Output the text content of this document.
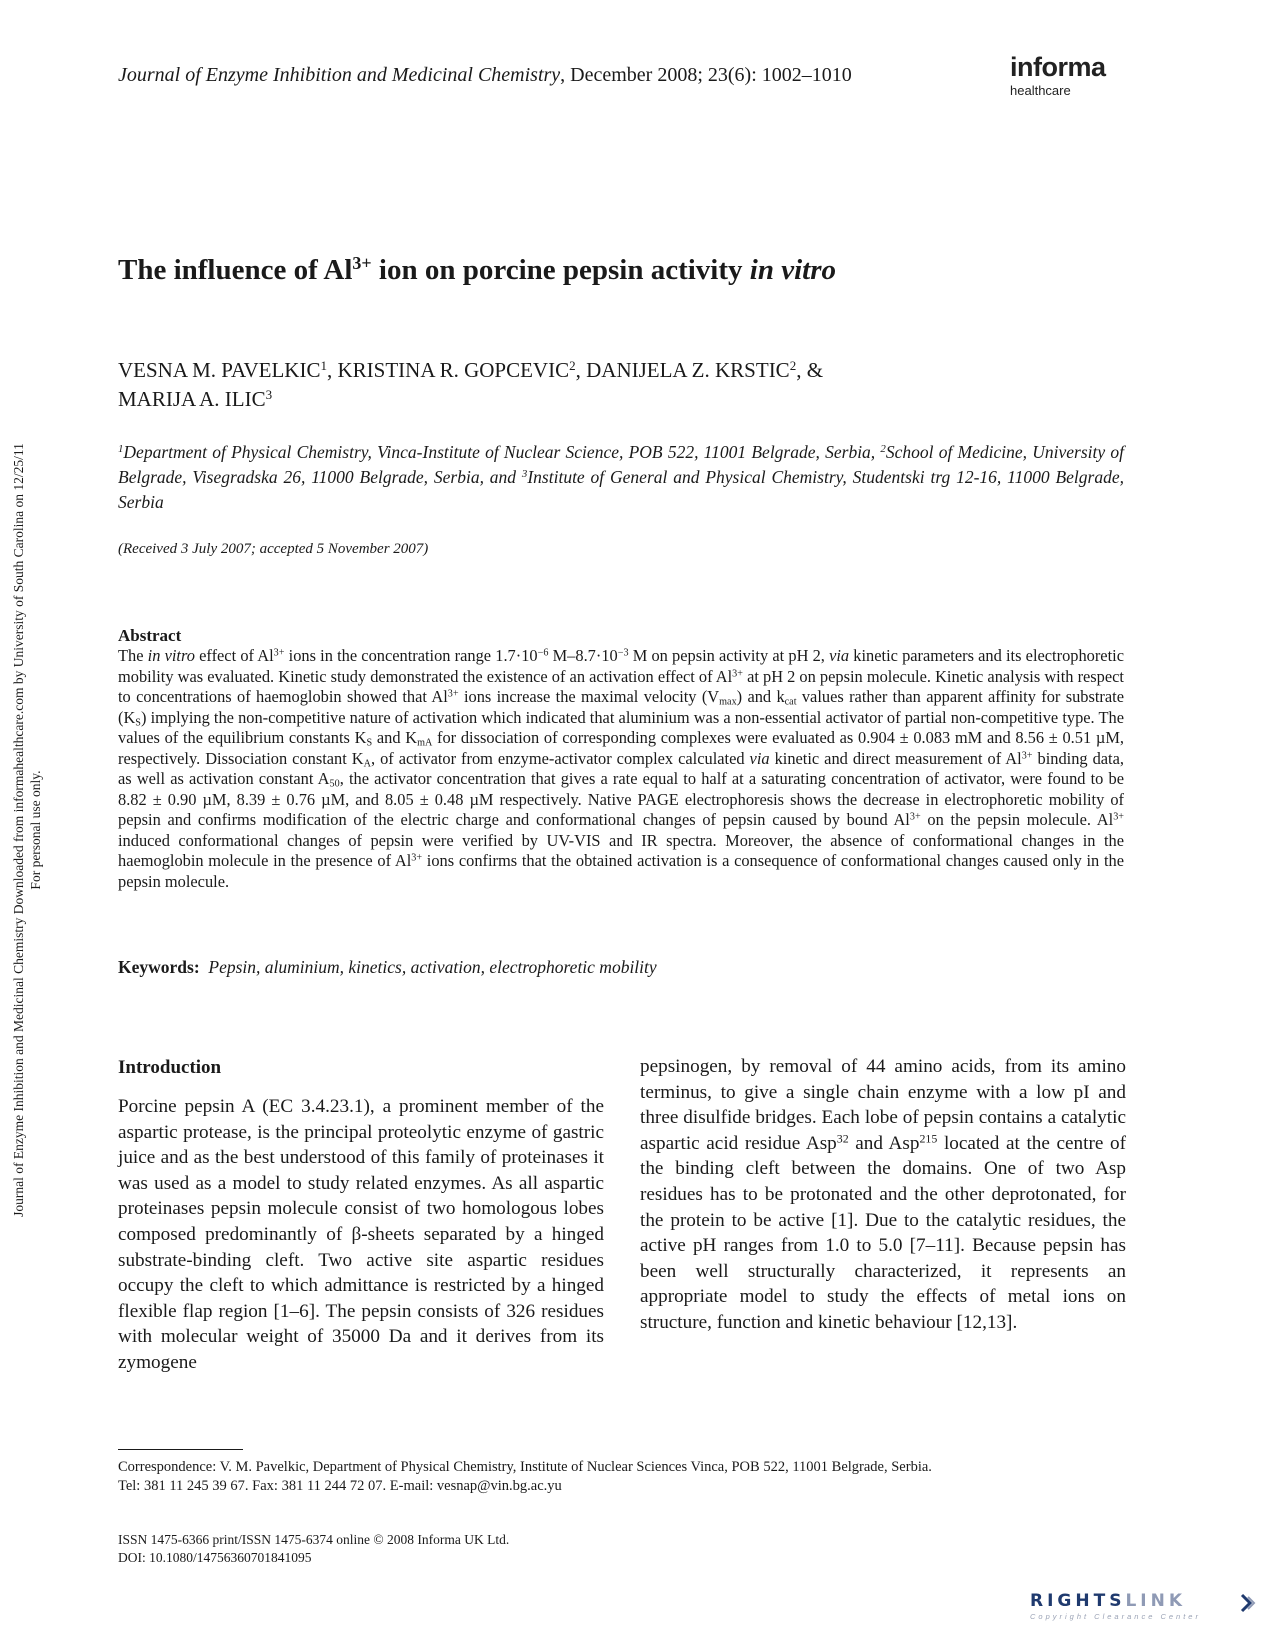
Journal of Enzyme Inhibition and Medicinal Chemistry, December 2008; 23(6): 1002–1010	informa
healthcare
Journal of Enzyme Inhibition and Medicinal Chemistry Downloaded from informahealthcare.com by University of South Carolina on 12/25/11 For personal use only.
The influence of $Al^{3+}$ ion on porcine pepsin activity in vitro
VESNA M. PAVELKIC$^1$, KRISTINA R. GOPCEVIC$^2$, DANIJELA Z. KRSTIC$^2$, &
MARIJA A. ILIC$^3$
$^1$Department of Physical Chemistry, Vinca-Institute of Nuclear Science, POB 522, 11001 Belgrade, Serbia, $^2$School of Medicine, University of Belgrade, Visegradska 26, 11000 Belgrade, Serbia, and $^3$Institute of General and Physical Chemistry, Studentski trg 12-16, 11000 Belgrade, Serbia
(Received 3 July 2007; accepted 5 November 2007)
Abstract
The in vitro effect of $Al^{3+}$ ions in the concentration range $1.7\cdot 10^{-6}$ $M-8.7\cdot 10^{-3}$ M on pepsin activity at pH 2, via kinetic parameters and its electrophoretic mobility was evaluated. Kinetic study demonstrated the existence of an activation effect of $Al^{3+}$ at pH 2 on pepsin molecule. Kinetic analysis with respect to concentrations of haemoglobin showed that $Al^{3+}$ ions increase the maximal velocity $(V_{max})$ and $k_{cat}$ values rather than apparent affinity for substrate $(K_S)$ implying the non-competitive nature of activation which indicated that aluminium was a non-essential activator of partial non-competitive type. The values of the equilibrium constants $K_S$ and $K_{mA}$ for dissociation of corresponding complexes were evaluated as 0.904 ± 0.083 mM and 8.56 ± 0.51 µM, respectively. Dissociation constant $K_A$, of activator from enzyme-activator complex calculated via kinetic and direct measurement of $Al^{3+}$ binding data, as well as activation constant $A_{50}$, the activator concentration that gives a rate equal to half at a saturating concentration of activator, were found to be 8.82 ± 0.90 µM, 8.39 ± 0.76 µM, and 8.05 ± 0.48 µM respectively. Native PAGE electrophoresis shows the decrease in electrophoretic mobility of pepsin and confirms modification of the electric charge and conformational changes of pepsin caused by bound $Al^{3+}$ on the pepsin molecule. $Al^{3+}$ induced conformational changes of pepsin were verified by UV-VIS and IR spectra. Moreover, the absence of conformational changes in the haemoglobin molecule in the presence of $Al^{3+}$ ions confirms that the obtained activation is a consequence of conformational changes caused only in the pepsin molecule.
Keywords: Pepsin, aluminium, kinetics, activation, electrophoretic mobility
Introduction
Porcine pepsin A (EC 3.4.23.1), a prominent member of the aspartic protease, is the principal proteolytic enzyme of gastric juice and as the best understood of this family of proteinases it was used as a model to study related enzymes. As all aspartic proteinases pepsin molecule consist of two homologous lobes composed predominantly of β-sheets separated by a hinged substrate-binding cleft. Two active site aspartic residues occupy the cleft to which admittance is restricted by a hinged flexible flap region [1–6]. The pepsin consists of 326 residues with molecular weight of 35000 Da and it derives from its zymogene
pepsinogen, by removal of 44 amino acids, from its amino terminus, to give a single chain enzyme with a low pI and three disulfide bridges. Each lobe of pepsin contains a catalytic aspartic acid residue Asp$^{32}$ and Asp$^{215}$ located at the centre of the binding cleft between the domains. One of two Asp residues has to be protonated and the other deprotonated, for the protein to be active [1]. Due to the catalytic residues, the active pH ranges from 1.0 to 5.0 [7–11]. Because pepsin has been well structurally characterized, it represents an appropriate model to study the effects of metal ions on structure, function and kinetic behaviour [12,13].
Correspondence: V. M. Pavelkic, Department of Physical Chemistry, Institute of Nuclear Sciences Vinca, POB 522, 11001 Belgrade, Serbia.
Tel: 381 11 245 39 67. Fax: 381 11 244 72 07. E-mail: vesnap@vin.bg.ac.yu
ISSN 1475-6366 print/ISSN 1475-6374 online © 2008 Informa UK Ltd.
DOI: 10.1080/14756360701841095
RIGHTSLINK
Copyright Clearance Center
